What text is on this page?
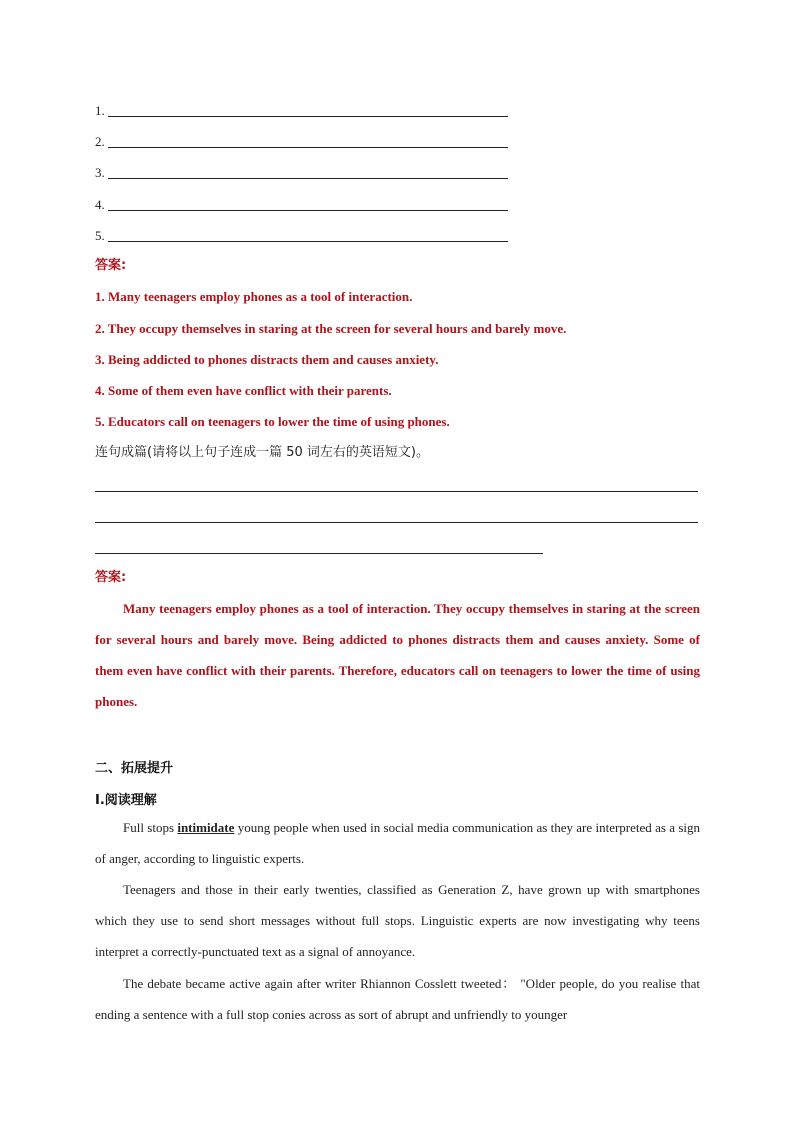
1.
2.
3.
4.
5.
答案:
1. Many teenagers employ phones as a tool of interaction.
2. They occupy themselves in staring at the screen for several hours and barely move.
3. Being addicted to phones distracts them and causes anxiety.
4. Some of them even have conflict with their parents.
5. Educators call on teenagers to lower the time of using phones.
连句成篇(请将以上句子连成一篇 50 词左右的英语短文)。
答案:
Many teenagers employ phones as a tool of interaction. They occupy themselves in staring at the screen for several hours and barely move. Being addicted to phones distracts them and causes anxiety. Some of them even have conflict with their parents. Therefore, educators call on teenagers to lower the time of using phones.
二、拓展提升
Ⅰ.阅读理解
Full stops intimidate young people when used in social media communication as they are interpreted as a sign of anger, according to linguistic experts.
Teenagers and those in their early twenties, classified as Generation Z, have grown up with smartphones which they use to send short messages without full stops. Linguistic experts are now investigating why teens interpret a correctly-punctuated text as a signal of annoyance.
The debate became active again after writer Rhiannon Cosslett tweeted： "Older people, do you realise that ending a sentence with a full stop conies across as sort of abrupt and unfriendly to younger
